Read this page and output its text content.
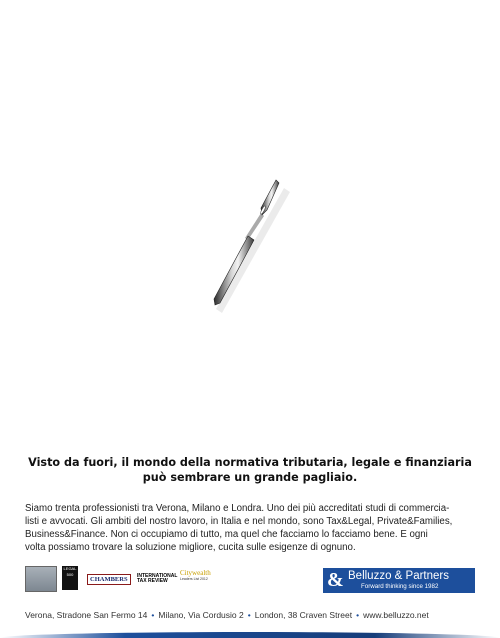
Visto da fuori, il mondo della normativa tributaria, legale e finanziaria
può sembrare un grande pagliaio.
Siamo trenta professionisti tra Verona, Milano e Londra. Uno dei più accreditati studi di commercia-
listi e avvocati. Gli ambiti del nostro lavoro, in Italia e nel mondo, sono Tax&Legal, Private&Families,
Business&Finance. Non ci occupiamo di tutto, ma quel che facciamo lo facciamo bene. E ogni
volta possiamo trovare la soluzione migliore, cucita sulle esigenze di ognuno.
LEGAL 500
CHAMBERS	INTERNATIONAL
TAX REVIEW
Citywealth
Leaders List 2012	& Belluzzo & Partners
Forward thinking since 1982
Verona, Stradone San Fermo 14 • Milano, Via Cordusio 2 • London, 38 Craven Street • www.belluzzo.net
